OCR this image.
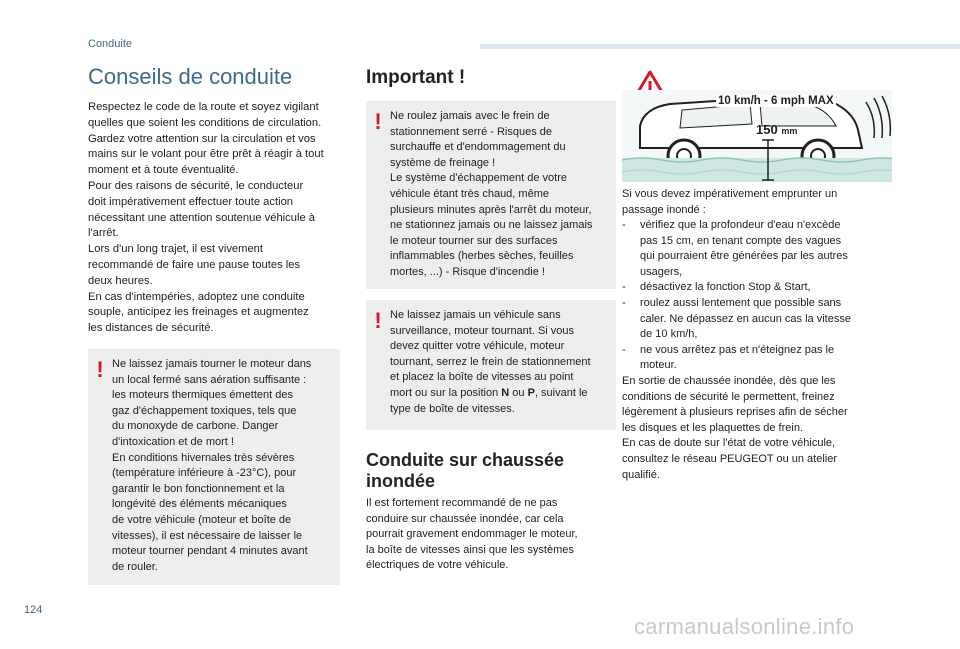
Conduite
Conseils de conduite

Respectez le code de la route et soyez vigilant
quelles que soient les conditions de circulation.
Gardez votre attention sur la circulation et vos
mains sur le volant pour être prêt à réagir à tout
moment et à toute éventualité.
Pour des raisons de sécurité, le conducteur
doit impérativement effectuer toute action
nécessitant une attention soutenue véhicule à
l'arrêt.
Lors d'un long trajet, il est vivement
recommandé de faire une pause toutes les
deux heures.
En cas d'intempéries, adoptez une conduite
souple, anticipez les freinages et augmentez
les distances de sécurité.

! Ne laissez jamais tourner le moteur dans
un local fermé sans aération suffisante :
les moteurs thermiques émettent des
gaz d'échappement toxiques, tels que
du monoxyde de carbone. Danger
d'intoxication et de mort !
En conditions hivernales très sévères
(température inférieure à -23°C), pour
garantir le bon fonctionnement et la
longévité des éléments mécaniques
de votre véhicule (moteur et boîte de
vitesses), il est nécessaire de laisser le
moteur tourner pendant 4 minutes avant
de rouler.

Important !
! Ne roulez jamais avec le frein de
stationnement serré - Risques de
surchauffe et d'endommagement du
système de freinage !
Le système d'échappement de votre
véhicule étant très chaud, même
plusieurs minutes après l'arrêt du moteur,
ne stationnez jamais ou ne laissez jamais
le moteur tourner sur des surfaces
inflammables (herbes sèches, feuilles
mortes, ...) - Risque d'incendie !

! Ne laissez jamais un véhicule sans
surveillance, moteur tournant. Si vous
devez quitter votre véhicule, moteur
tournant, serrez le frein de stationnement
et placez la boîte de vitesses au point
mort ou sur la position N ou P, suivant le
type de boîte de vitesses.

Conduite sur chaussée
inondée

Il est fortement recommandé de ne pas
conduire sur chaussée inondée, car cela
pourrait gravement endommager le moteur,
la boîte de vitesses ainsi que les systèmes
électriques de votre véhicule.

10 km/h - 6 mph MAX
150 mm

Si vous devez impérativement emprunter un
passage inondé :

- vérifiez que la profondeur d'eau n'excède
pas 15 cm, en tenant compte des vagues
qui pourraient être générées par les autres
usagers,
- désactivez la fonction Stop & Start,
- roulez aussi lentement que possible sans
caler. Ne dépassez en aucun cas la vitesse
de 10 km/h,
- ne vous arrêtez pas et n'éteignez pas le
moteur.

En sortie de chaussée inondée, dès que les
conditions de sécurité le permettent, freinez
légèrement à plusieurs reprises afin de sécher
les disques et les plaquettes de frein.
En cas de doute sur l'état de votre véhicule,
consultez le réseau PEUGEOT ou un atelier
qualifié.

124
carmanualsonline.info
